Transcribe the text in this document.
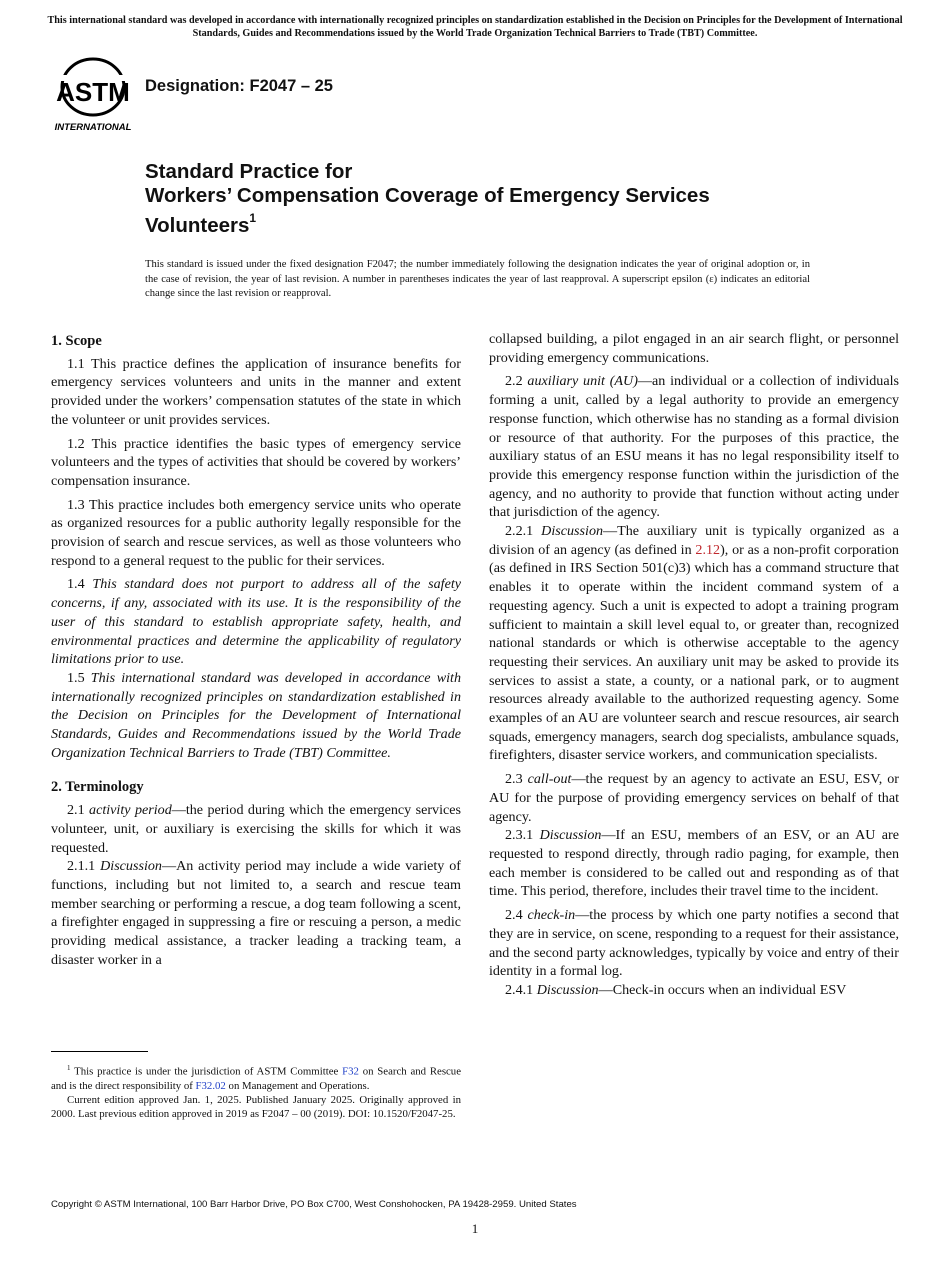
This international standard was developed in accordance with internationally recognized principles on standardization established in the Decision on Principles for the Development of International Standards, Guides and Recommendations issued by the World Trade Organization Technical Barriers to Trade (TBT) Committee.
ASTM
INTERNATIONAL
Designation: F2047 – 25
Standard Practice for
Workers’ Compensation Coverage of Emergency Services
Volunteers$^1$
This standard is issued under the fixed designation F2047; the number immediately following the designation indicates the year of original adoption or, in the case of revision, the year of last revision. A number in parentheses indicates the year of last reapproval. A superscript epsilon (ε) indicates an editorial change since the last revision or reapproval.
1. Scope

1.1 This practice defines the application of insurance benefits for emergency services volunteers and units in the manner and extent provided under the workers’ compensation statutes of the state in which the volunteer or unit provides services.

1.2 This practice identifies the basic types of emergency service volunteers and the types of activities that should be covered by workers’ compensation insurance.

1.3 This practice includes both emergency service units who operate as organized resources for a public authority legally responsible for the provision of search and rescue services, as well as those volunteers who respond to a general request to the public for their services.

1.4 This standard does not purport to address all of the safety concerns, if any, associated with its use. It is the responsibility of the user of this standard to establish appropriate safety, health, and environmental practices and determine the applicability of regulatory limitations prior to use.

1.5 This international standard was developed in accordance with internationally recognized principles on standardization established in the Decision on Principles for the Development of International Standards, Guides and Recommendations issued by the World Trade Organization Technical Barriers to Trade (TBT) Committee.

2. Terminology

2.1 activity period—the period during which the emergency services volunteer, unit, or auxiliary is exercising the skills for which it was requested.

2.1.1 Discussion—An activity period may include a wide variety of functions, including but not limited to, a search and rescue team member searching or performing a rescue, a dog team following a scent, a firefighter engaged in suppressing a fire or rescuing a person, a medic providing medical assistance, a tracker leading a tracking team, a disaster worker in a

collapsed building, a pilot engaged in an air search flight, or personnel providing emergency communications.

2.2 auxiliary unit (AU)—an individual or a collection of individuals forming a unit, called by a legal authority to provide an emergency response function, which otherwise has no standing as a formal division or resource of that authority. For the purposes of this practice, the auxiliary status of an ESU means it has no legal responsibility itself to provide this emergency response function within the jurisdiction of the agency, and no authority to provide that function without acting under that jurisdiction of the agency.

2.2.1 Discussion—The auxiliary unit is typically organized as a division of an agency (as defined in 2.12), or as a non-profit corporation (as defined in IRS Section 501(c)3) which has a command structure that enables it to operate within the incident command system of a requesting agency. Such a unit is expected to adopt a training program sufficient to maintain a skill level equal to, or greater than, recognized national standards or which is otherwise acceptable to the agency requesting their services. An auxiliary unit may be asked to provide its services to assist a state, a county, or a national park, or to augment resources already available to the authorized requesting agency. Some examples of an AU are volunteer search and rescue resources, air search squads, emergency managers, search dog specialists, ambulance squads, firefighters, disaster service workers, and communication specialists.

2.3 call-out—the request by an agency to activate an ESU, ESV, or AU for the purpose of providing emergency services on behalf of that agency.

2.3.1 Discussion—If an ESU, members of an ESV, or an AU are requested to respond directly, through radio paging, for example, then each member is considered to be called out and responding as of that time. This period, therefore, includes their travel time to the incident.

2.4 check-in—the process by which one party notifies a second that they are in service, on scene, responding to a request for their assistance, and the second party acknowledges, typically by voice and entry of their identity in a formal log.

2.4.1 Discussion—Check-in occurs when an individual ESV

$^1$ This practice is under the jurisdiction of ASTM Committee F32 on Search and Rescue and is the direct responsibility of F32.02 on Management and Operations.

Current edition approved Jan. 1, 2025. Published January 2025. Originally approved in 2000. Last previous edition approved in 2019 as F2047 – 00 (2019). DOI: 10.1520/F2047-25.

Copyright © ASTM International, 100 Barr Harbor Drive, PO Box C700, West Conshohocken, PA 19428-2959. United States
1
